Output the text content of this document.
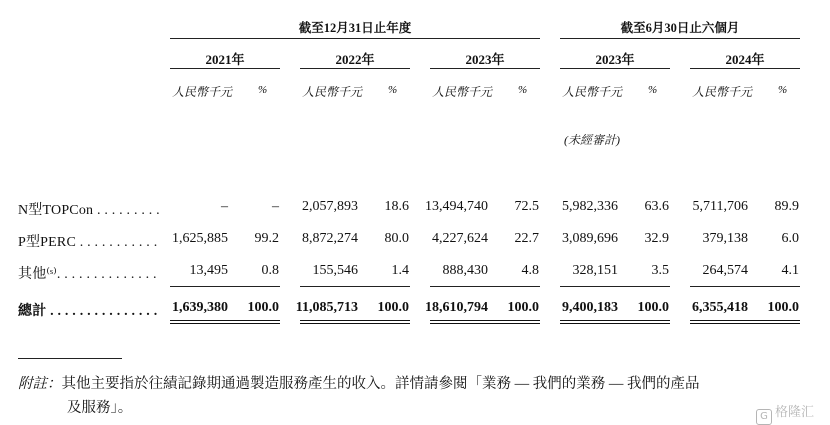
截至12月31日止年度	截至6月30日止六個月
2021年	2022年	2023年	2023年	2024年
人民幣千元 %	人民幣千元 %	人民幣千元 %	人民幣千元 %	人民幣千元 %
(未經審計)
N型TOPCon . . . . . . . . .	–	– 2,057,893 18.6 13,494,740 72.5 5,982,336 63.6 5,711,706 89.9
P型PERC . . . . . . . . . . . 1,625,885 99.2 8,872,274 80.0 4,227,624 22.7 3,089,696 32.9 379,138 6.0
其他⁽ˢ⁾. . . . . . . . . . . . . . 13,495 0.8 155,546 1.4 888,430 4.8 328,151 3.5 264,574 4.1
總計 . . . . . . . . . . . . . . . 1,639,380 100.0 11,085,713 100.0 18,610,794 100.0 9,400,183 100.0 6,355,418 100.0
附註：其他主要指於往績記錄期通過製造服務產生的收入。詳情請參閱「業務 — 我們的業務 — 我們的產品
及服務」。
G 格隆汇
